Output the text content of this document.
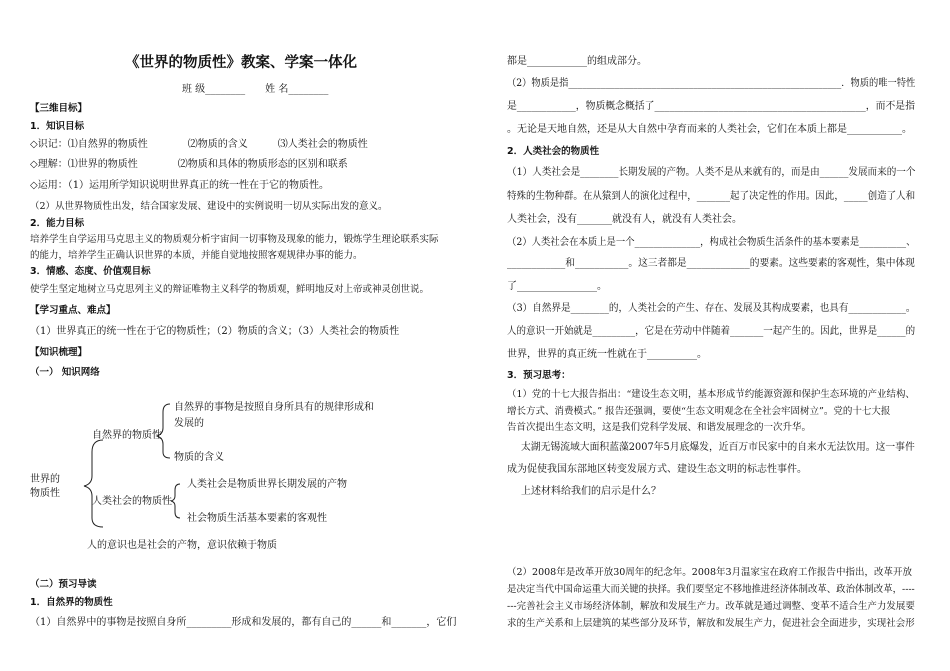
《世界的物质性》教案、学案一体化
班 级________　　姓 名________
【三维目标】
1．知识目标
◇识记：⑴自然界的物质性　　　　⑵物质的含义　　　⑶人类社会的物质性
◇理解：⑴世界的物质性　　　　⑵物质和具体的物质形态的区别和联系
◇运用：（1）运用所学知识说明世界真正的统一性在于它的物质性。
（2）从世界物质性出发，结合国家发展、建设中的实例说明一切从实际出发的意义。
2．能力目标
培养学生自学运用马克思主义的物质观分析宇宙间一切事物及现象的能力，锻炼学生理论联系实际
的能力，培养学生正确认识世界的本质，并能自觉地按照客观规律办事的能力。
3．情感、态度、价值观目标
使学生坚定地树立马克思列主义的辩证唯物主义科学的物质观，鲜明地反对上帝或神灵创世说。
【学习重点、难点】
（1）世界真正的统一性在于它的物质性；（2）物质的含义；（3）人类社会的物质性
【知识梳理】
（一） 知识网络
世界的
物质性
自然界的物质性
自然界的事物是按照自身所具有的规律形成和
发展的
物质的含义
人类社会的物质性
人类社会是物质世界长期发展的产物
社会物质生活基本要素的客观性
人的意识也是社会的产物，意识依赖于物质
（二）预习导读
1．自然界的物质性
（1）自然界中的事物是按照自身所_________形成和发展的，都有自己的______和_______，它们
都是____________的组成部分。
（2）物质是指___________________________________________________________．物质的唯一特性
是____________，物质概念概括了___________________________________________，而不是指
。无论是天地自然，还是从大自然中孕育而来的人类社会，它们在本质上都是___________。
2．人类社会的物质性
（1）人类社会是________长期发展的产物。人类不是从来就有的，而是由______发展而来的一个
特殊的生物种群。在从猿到人的演化过程中，_______起了决定性的作用。因此，_____创造了人和
人类社会，没有_______就没有人，就没有人类社会。
（2）人类社会在本质上是一个______________，构成社会物质生活条件的基本要素是__________、
____________和___________。这三者都是_____________的要素。这些要素的客观性，集中体现
了________________。
（3）自然界是________的，人类社会的产生、存在、发展及其构成要素，也具有____________。
人的意识一开始就是_________，它是在劳动中伴随着_______一起产生的。因此，世界是______的
世界，世界的真正统一性就在于__________。
3．预习思考：
（1）党的十七大报告指出：“建设生态文明，基本形成节约能源资源和保护生态环境的产业结构、
增长方式、消费模式。” 报告还强调，要使“生态文明观念在全社会牢固树立”。党的十七大报
告首次提出生态文明，这是我们党科学发展、和谐发展理念的一次升华。
太湖无锡流域大面积蓝藻2007年5月底爆发，近百万市民家中的自来水无法饮用。这一事件
成为促使我国东部地区转变发展方式、建设生态文明的标志性事件。
上述材料给我们的启示是什么？
（2）2008年是改革开放30周年的纪念年。2008年3月温家宝在政府工作报告中指出，改革开放
是决定当代中国命运重大而关键的抉择。我们要坚定不移地推进经济体制改革、政治体制改革，----
---完善社会主义市场经济体制，解放和发展生产力。改革就是通过调整、变革不适合生产力发展要
求的生产关系和上层建筑的某些部分及环节，解放和发展生产力，促进社会全面进步，实现社会形
